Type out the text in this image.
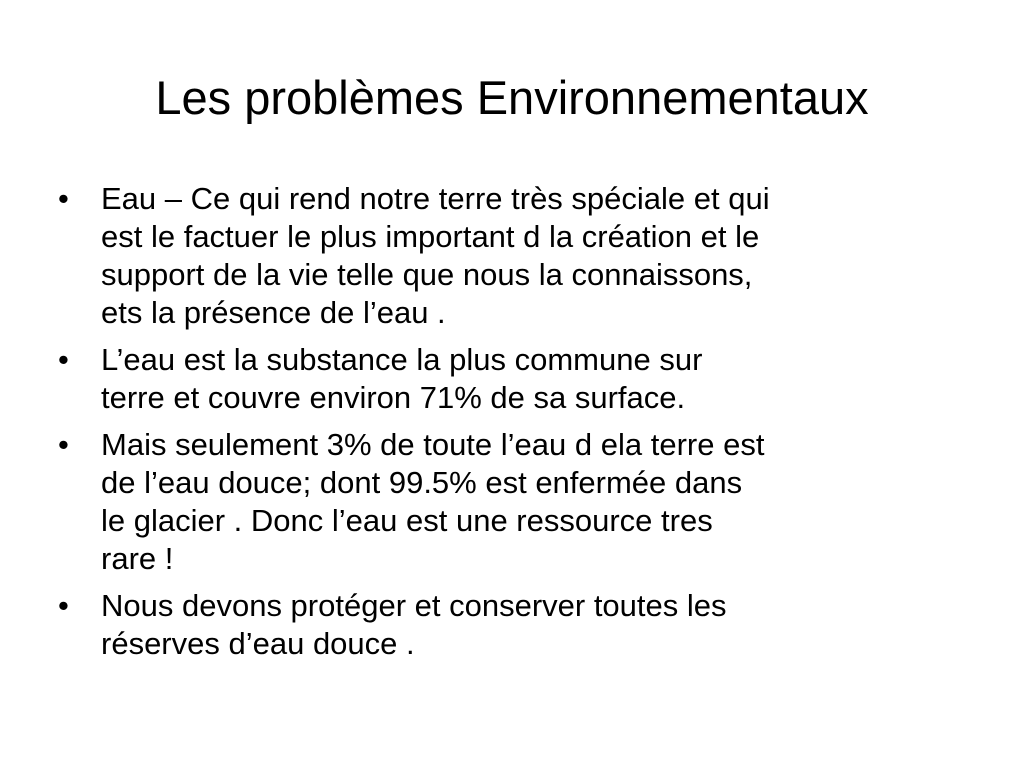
Les problèmes Environnementaux
•	Eau – Ce qui rend notre terre très spéciale et qui
est le factuer le plus important d la création et le
support de la vie telle que nous la connaissons,
ets la présence de l’eau .
•	L’eau est la substance la plus commune sur
terre et couvre environ 71% de sa surface.
•	Mais seulement 3% de toute l’eau d ela terre est
de l’eau douce; dont 99.5% est enfermée dans
le glacier . Donc l’eau est une ressource tres
rare !
•	Nous devons protéger et conserver toutes les
réserves d’eau douce .
